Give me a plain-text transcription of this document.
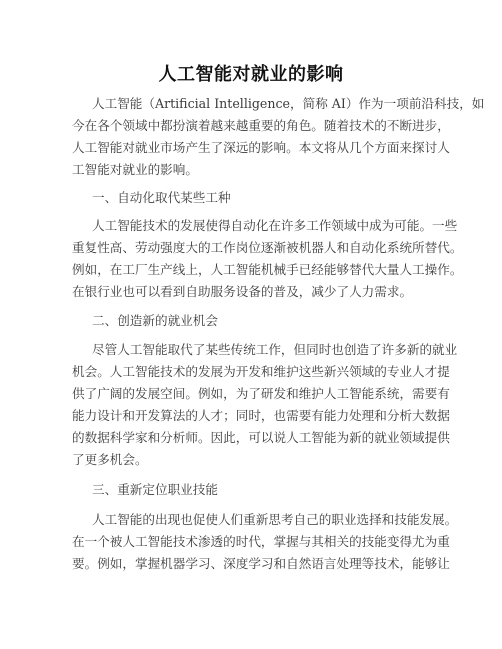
人工智能对就业的影响
人工智能（Artificial Intelligence，简称 AI）作为一项前沿科技，如
今在各个领域中都扮演着越来越重要的角色。随着技术的不断进步，
人工智能对就业市场产生了深远的影响。本文将从几个方面来探讨人
工智能对就业的影响。
一、自动化取代某些工种
人工智能技术的发展使得自动化在许多工作领域中成为可能。一些
重复性高、劳动强度大的工作岗位逐渐被机器人和自动化系统所替代。
例如，在工厂生产线上，人工智能机械手已经能够替代大量人工操作。
在银行业也可以看到自助服务设备的普及，减少了人力需求。
二、创造新的就业机会
尽管人工智能取代了某些传统工作，但同时也创造了许多新的就业
机会。人工智能技术的发展为开发和维护这些新兴领域的专业人才提
供了广阔的发展空间。例如，为了研发和维护人工智能系统，需要有
能力设计和开发算法的人才；同时，也需要有能力处理和分析大数据
的数据科学家和分析师。因此，可以说人工智能为新的就业领域提供
了更多机会。
三、重新定位职业技能
人工智能的出现也促使人们重新思考自己的职业选择和技能发展。
在一个被人工智能技术渗透的时代，掌握与其相关的技能变得尤为重
要。例如，掌握机器学习、深度学习和自然语言处理等技术，能够让
